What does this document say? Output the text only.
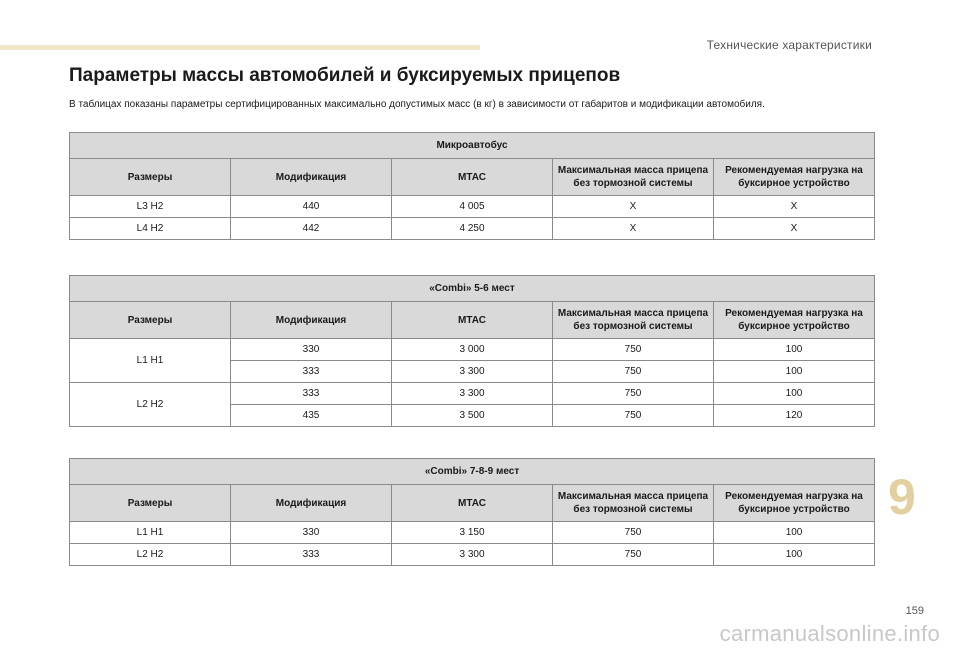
Технические характеристики
Параметры массы автомобилей и буксируемых прицепов
В таблицах показаны параметры сертифицированных максимально допустимых масс (в кг) в зависимости от габаритов и модификации автомобиля.
Микроавтобус				
Размеры	Модификация	МТАС	Максимальная масса прицепа без тормозной системы	Рекомендуемая нагрузка на буксирное устройство
L3 H2	440	4 005	X	X
L4 H2	442	4 250	X	X
«Combi» 5-6 мест				
Размеры	Модификация	МТАС	Максимальная масса прицепа без тормозной системы	Рекомендуемая нагрузка на буксирное устройство
L1 H1	330	3 000	750	100
	333	3 300	750	100
L2 H2	333	3 300	750	100
	435	3 500	750	120
«Combi» 7-8-9 мест				
Размеры	Модификация	МТАС	Максимальная масса прицепа без тормозной системы	Рекомендуемая нагрузка на буксирное устройство
L1 H1	330	3 150	750	100
L2 H2	333	3 300	750	100
9
159
carmanualsonline.info
